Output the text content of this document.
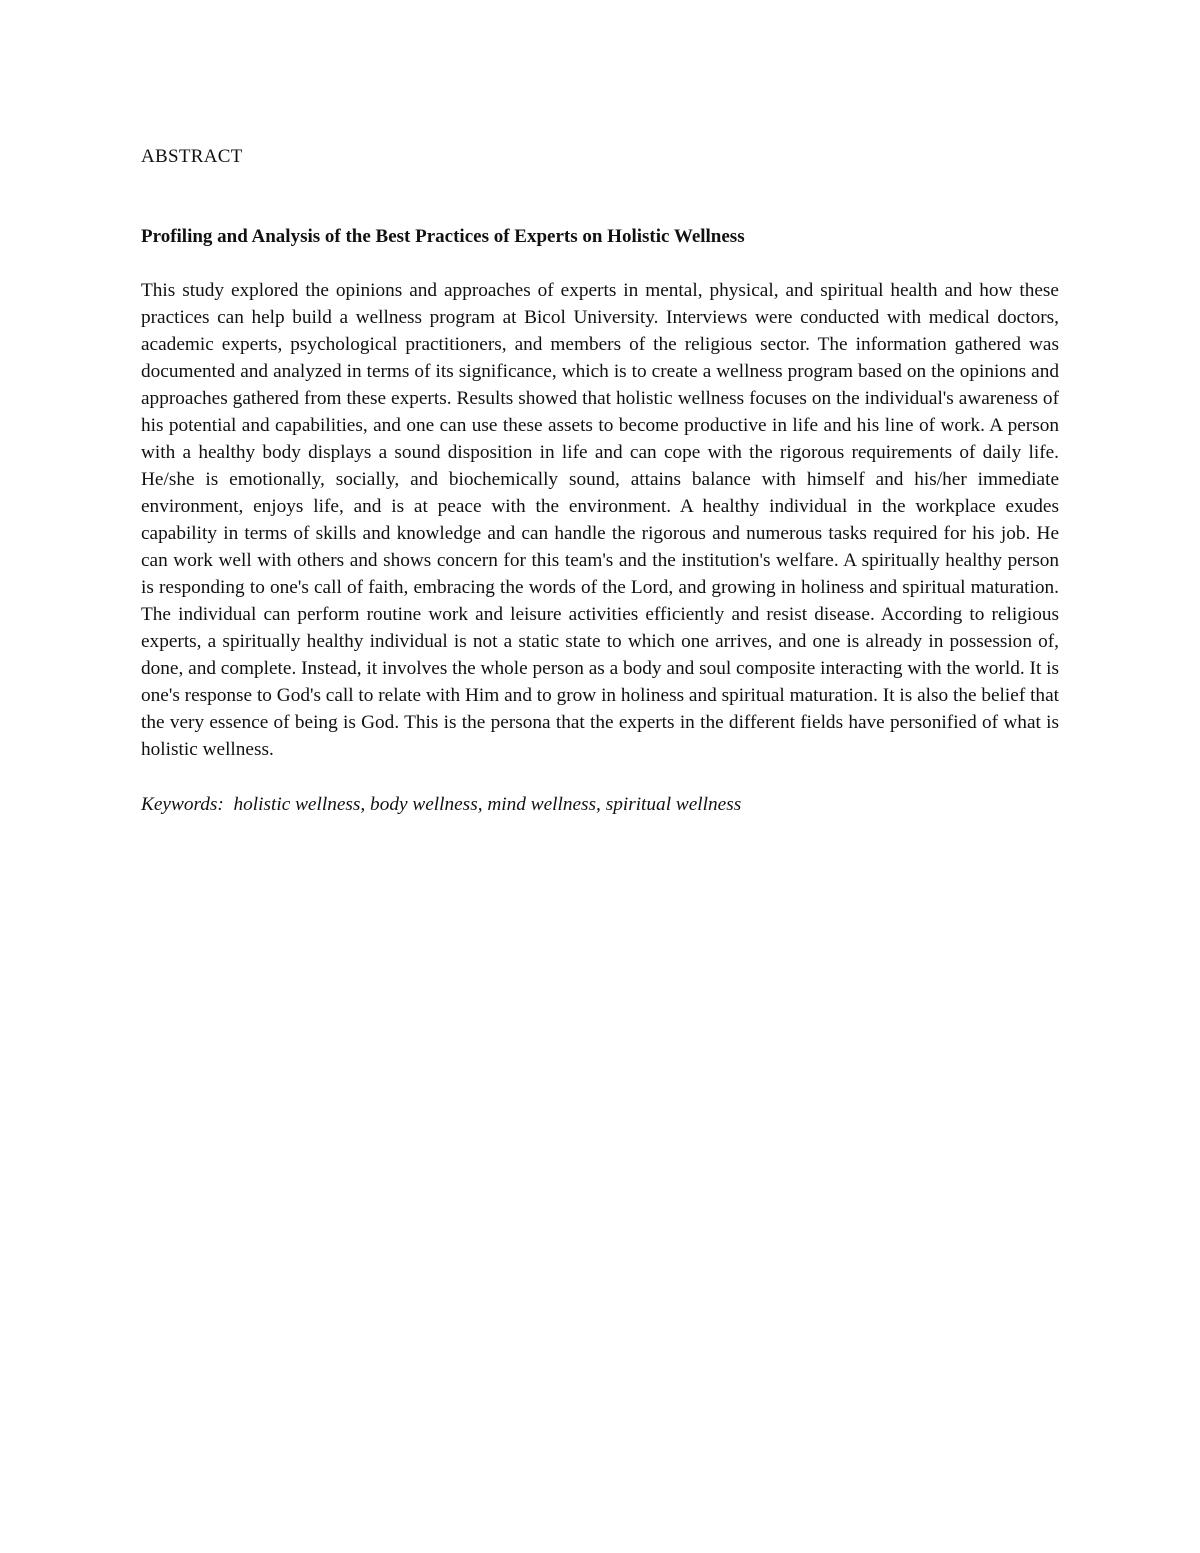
ABSTRACT

Profiling and Analysis of the Best Practices of Experts on Holistic Wellness

This study explored the opinions and approaches of experts in mental, physical, and spiritual health and how these practices can help build a wellness program at Bicol University. Interviews were conducted with medical doctors, academic experts, psychological practitioners, and members of the religious sector. The information gathered was documented and analyzed in terms of its significance, which is to create a wellness program based on the opinions and approaches gathered from these experts. Results showed that holistic wellness focuses on the individual's awareness of his potential and capabilities, and one can use these assets to become productive in life and his line of work. A person with a healthy body displays a sound disposition in life and can cope with the rigorous requirements of daily life. He/she is emotionally, socially, and biochemically sound, attains balance with himself and his/her immediate environment, enjoys life, and is at peace with the environment. A healthy individual in the workplace exudes capability in terms of skills and knowledge and can handle the rigorous and numerous tasks required for his job. He can work well with others and shows concern for this team's and the institution's welfare. A spiritually healthy person is responding to one's call of faith, embracing the words of the Lord, and growing in holiness and spiritual maturation. The individual can perform routine work and leisure activities efficiently and resist disease. According to religious experts, a spiritually healthy individual is not a static state to which one arrives, and one is already in possession of, done, and complete. Instead, it involves the whole person as a body and soul composite interacting with the world. It is one's response to God's call to relate with Him and to grow in holiness and spiritual maturation. It is also the belief that the very essence of being is God. This is the persona that the experts in the different fields have personified of what is holistic wellness.

Keywords: holistic wellness, body wellness, mind wellness, spiritual wellness
